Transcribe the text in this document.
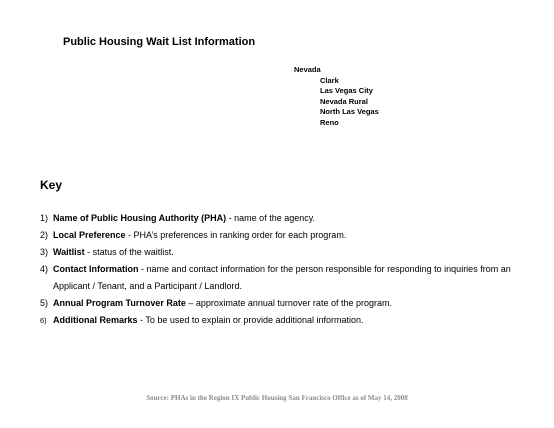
Public Housing Wait List Information
Nevada
Clark
Las Vegas City
Nevada Rural
North Las Vegas
Reno
Key
1) Name of Public Housing Authority (PHA) - name of the agency.
2) Local Preference - PHA’s preferences in ranking order for each program.
3) Waitlist - status of the waitlist.
4) Contact Information - name and contact information for the person responsible for responding to inquiries from an Applicant / Tenant, and a Participant / Landlord.
5) Annual Program Turnover Rate – approximate annual turnover rate of the program.
6) Additional Remarks - To be used to explain or provide additional information.
Source: PHAs in the Region IX Public Housing San Francisco Office as of May 14, 2008
